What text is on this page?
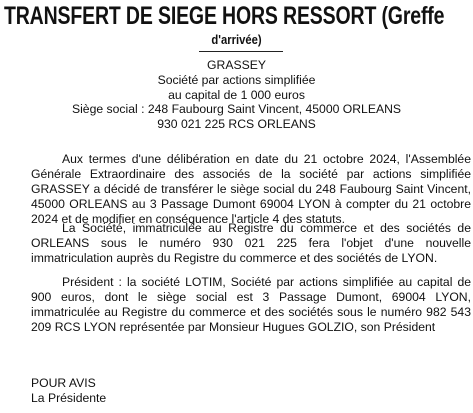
TRANSFERT DE SIEGE HORS RESSORT (Greffe
d'arrivée)
GRASSEY
Société par actions simplifiée
au capital de 1 000 euros
Siège social : 248 Faubourg Saint Vincent, 45000 ORLEANS
930 021 225 RCS ORLEANS

Aux termes d'une délibération en date du 21 octobre 2024, l'Assemblée Générale Extraordinaire des associés de la société par actions simplifiée GRASSEY a décidé de transférer le siège social du 248 Faubourg Saint Vincent, 45000 ORLEANS au 3 Passage Dumont 69004 LYON à compter du 21 octobre 2024 et de modifier en conséquence l'article 4 des statuts.

La Société, immatriculée au Registre du commerce et des sociétés de ORLEANS sous le numéro 930 021 225 fera l'objet d'une nouvelle immatriculation auprès du Registre du commerce et des sociétés de LYON.

Président : la société LOTIM, Société par actions simplifiée au capital de 900 euros, dont le siège social est 3 Passage Dumont, 69004 LYON, immatriculée au Registre du commerce et des sociétés sous le numéro 982 543 209 RCS LYON représentée par Monsieur Hugues GOLZIO, son Président

POUR AVIS
La Présidente
